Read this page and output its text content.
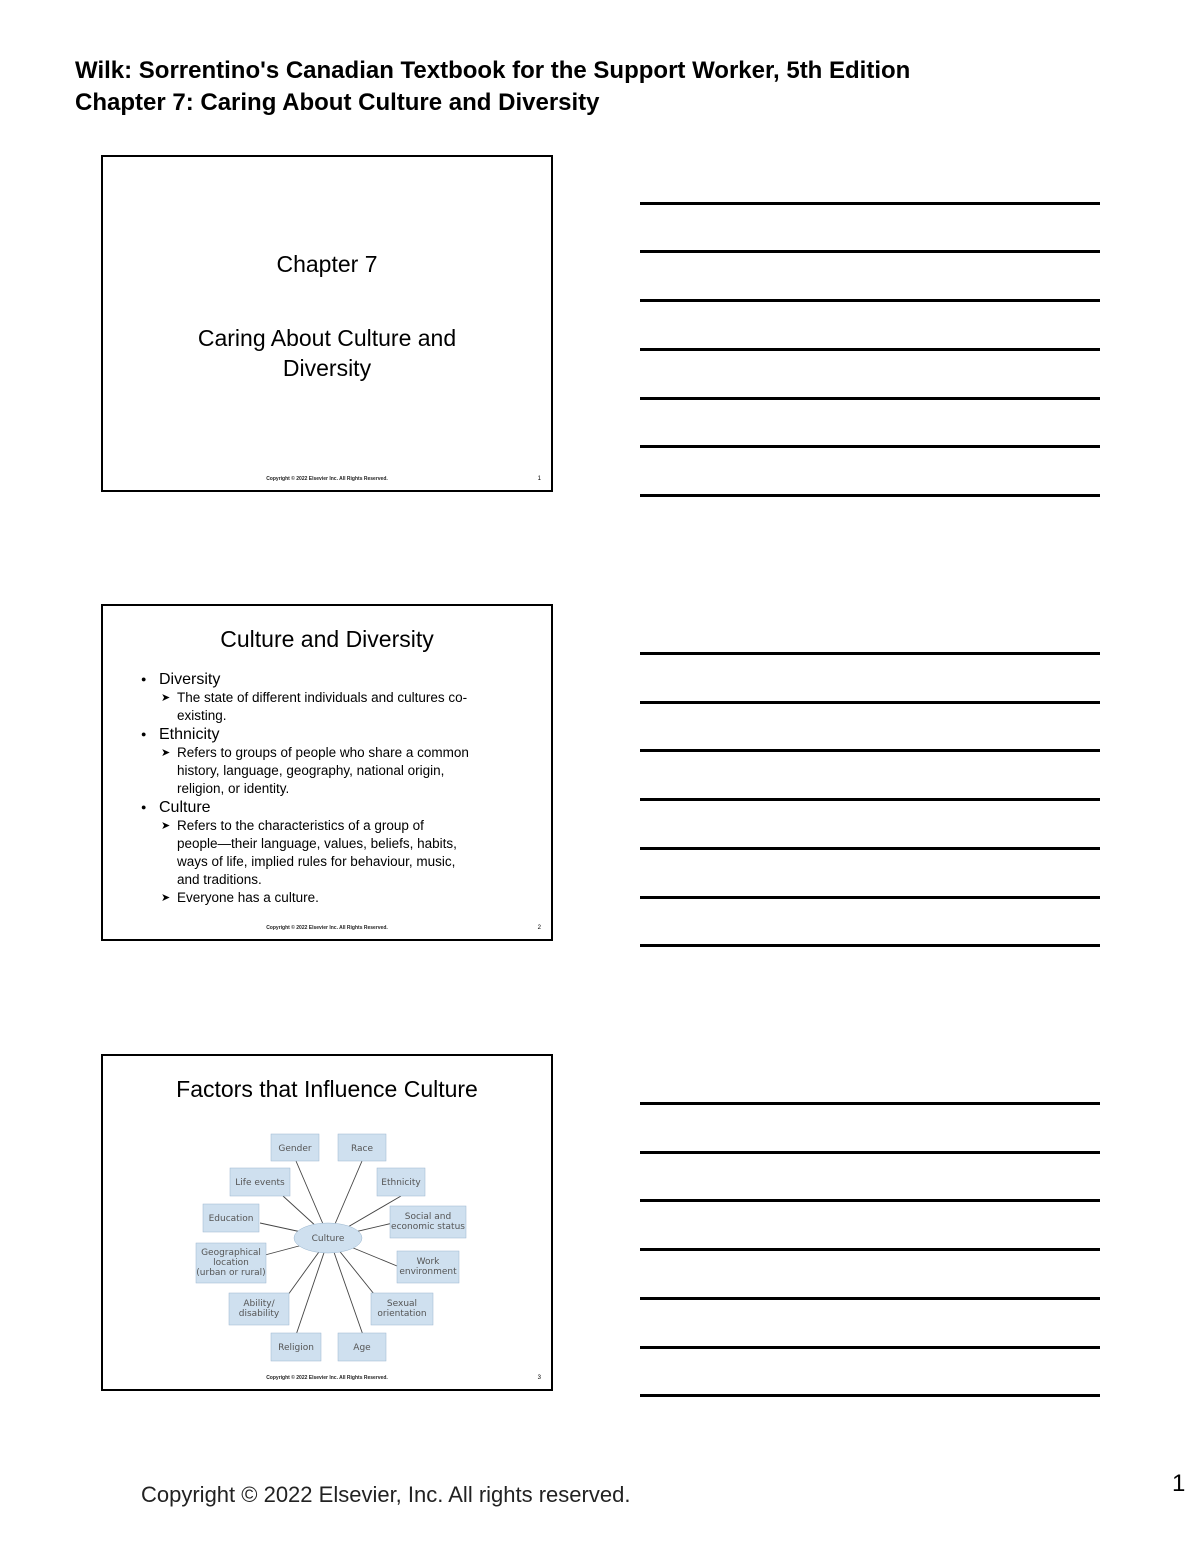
Wilk: Sorrentino's Canadian Textbook for the Support Worker, 5th Edition
Chapter 7: Caring About Culture and Diversity
Chapter 7
Caring About Culture and
Diversity
Copyright © 2022 Elsevier Inc. All Rights Reserved.	1
Culture and Diversity
● Diversity
➤ The state of different individuals and cultures co-
existing.
● Ethnicity
➤ Refers to groups of people who share a common
history, language, geography, national origin,
religion, or identity.
● Culture
➤ Refers to the characteristics of a group of
people—their language, values, beliefs, habits,
ways of life, implied rules for behaviour, music,
and traditions.
➤ Everyone has a culture.
Copyright © 2022 Elsevier Inc. All Rights Reserved.	2
Factors that Influence Culture
Culture
Gender	Race
Ethnicity
Social and economic status
Work environment
Sexual orientation
Age
Religion
Ability/ disability
Geographical location (urban or rural)
Education
Life events
Copyright © 2022 Elsevier Inc. All Rights Reserved.	3
Copyright © 2022 Elsevier, Inc. All rights reserved.	1
